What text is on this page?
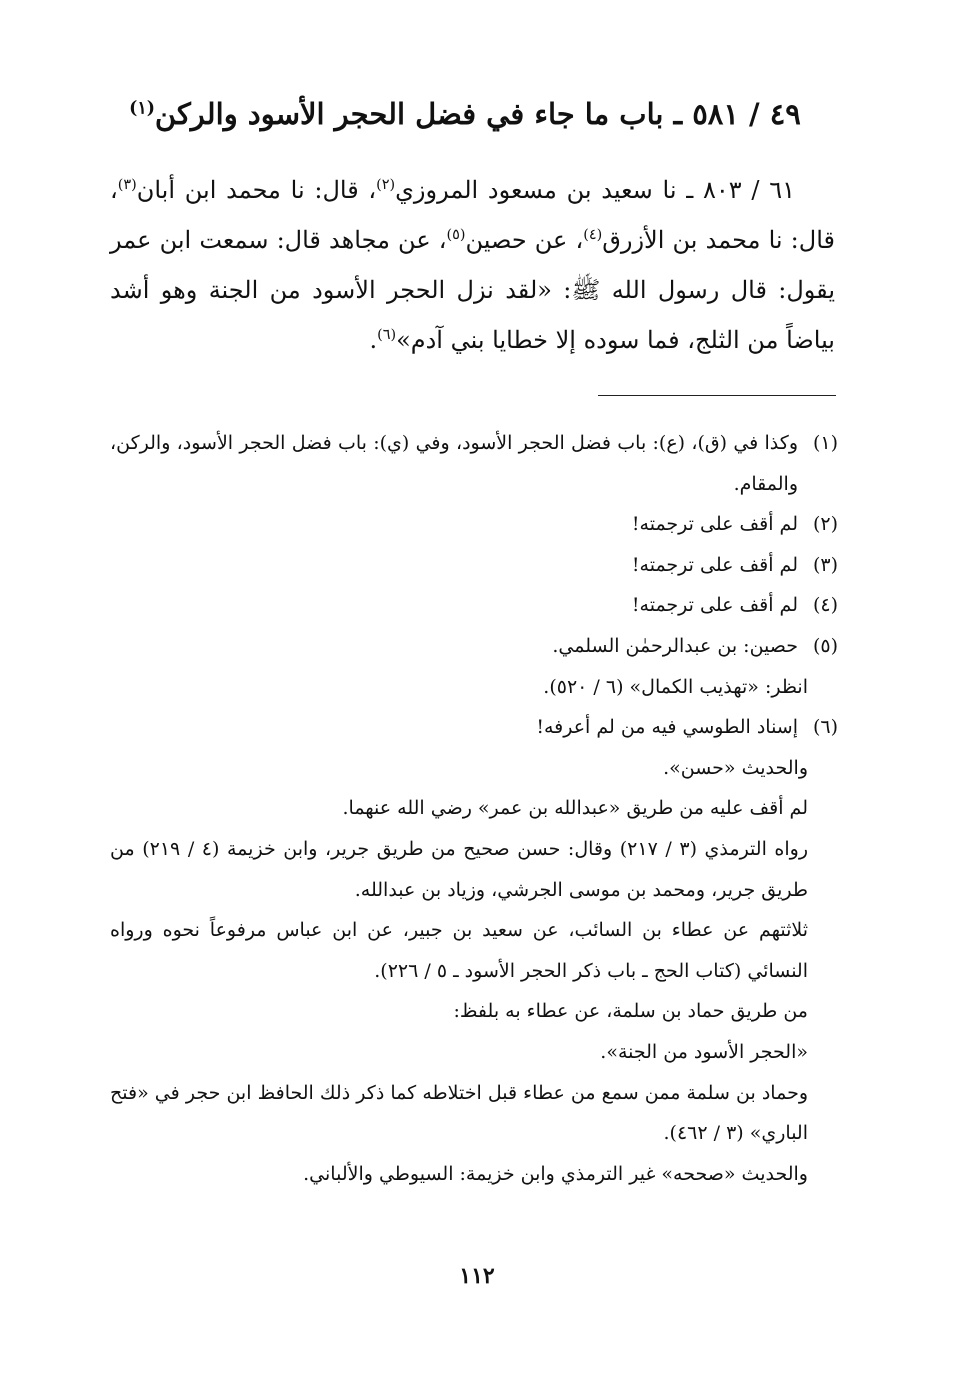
٤٩ / ٥٨١ ـ باب ما جاء في فضل الحجر الأسود والركن$^{(١)}$

٦١ / ٨٠٣ ـ نا سعيد بن مسعود المروزي$^{(٢)}$، قال: نا محمد ابن أبان$^{(٣)}$، قال: نا محمد بن الأزرق$^{(٤)}$، عن حصين$^{(٥)}$، عن مجاهد قال: سمعت ابن عمر يقول: قال رسول الله ﷺ: «لقد نزل الحجر الأسود من الجنة وهو أشد بياضاً من الثلج، فما سوده إلا خطايا بني آدم»$^{(٦)}$.

(١)
وكذا في (ق)، (ع): باب فضل الحجر الأسود، وفي (ي): باب فضل الحجر الأسود، والركن، والمقام.
(٢)
لم أقف على ترجمته!
(٣)
لم أقف على ترجمته!
(٤)
لم أقف على ترجمته!
(٥)
حصين: بن عبدالرحمٰن السلمي.
انظر: «تهذيب الكمال» (٦ / ٥٢٠).
(٦)
إسناد الطوسي فيه من لم أعرفه!
والحديث «حسن».
لم أقف عليه من طريق «عبدالله بن عمر» رضي الله عنهما.
رواه الترمذي (٣ / ٢١٧) وقال: حسن صحيح من طريق جرير، وابن خزيمة (٤ / ٢١٩) من طريق جرير، ومحمد بن موسى الجرشي، وزياد بن عبدالله.
ثلاثتهم عن عطاء بن السائب، عن سعيد بن جبير، عن ابن عباس مرفوعاً نحوه ورواه النسائي (كتاب الحج ـ باب ذكر الحجر الأسود ـ ٥ / ٢٢٦).
من طريق حماد بن سلمة، عن عطاء به بلفظ:
«الحجر الأسود من الجنة».
وحماد بن سلمة ممن سمع من عطاء قبل اختلاطه كما ذكر ذلك الحافظ ابن حجر في «فتح الباري» (٣ / ٤٦٢).
والحديث «صححه» غير الترمذي وابن خزيمة: السيوطي والألباني.
١١٢
